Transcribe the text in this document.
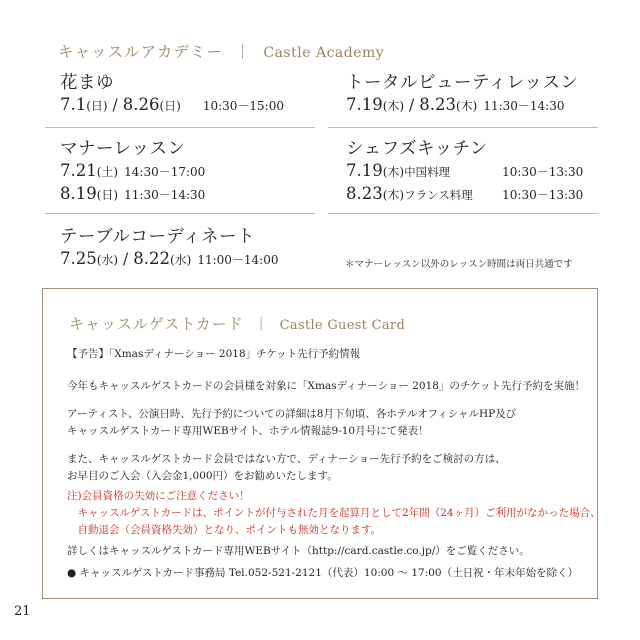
キャッスルアカデミー ｜ Castle Academy
花まゆ
7.1(日) / 8.26(日) 10:30－15:00
トータルビューティレッスン
7.19(木) / 8.23(木) 11:30－14:30
マナーレッスン
7.21(土) 14:30－17:00
8.19(日) 11:30－14:30
シェフズキッチン
7.19(木)中国料理	10:30－13:30
8.23(木)フランス料理 10:30－13:30
テーブルコーディネート
7.25(水) / 8.22(水) 11:00－14:00	＊マナーレッスン以外のレッスン時間は両日共通です
キャッスルゲストカード ｜ Castle Guest Card
【予告】「Xmasディナーショー 2018」チケット先行予約情報
今年もキャッスルゲストカードの会員様を対象に「Xmasディナーショー 2018」のチケット先行予約を実施！
アーティスト、公演日時、先行予約についての詳細は8月下旬頃、各ホテルオフィシャルHP及び
キャッスルゲストカード専用WEBサイト、ホテル情報誌9-10月号にて発表！
また、キャッスルゲストカード会員ではない方で、ディナーショー先行予約をご検討の方は、
お早目のご入会（入会金1,000円）をお勧めいたします。
注)会員資格の失効にご注意ください！
　キャッスルゲストカードは、ポイントが付与された月を起算月として2年間（24ヶ月）ご利用がなかった場合、
　自動退会（会員資格失効）となり、ポイントも無効となります。
詳しくはキャッスルゲストカード専用WEBサイト（http://card.castle.co.jp/）をご覧ください。
● キャッスルゲストカード事務局 Tel.052-521-2121（代表）10:00 ～ 17:00（土日祝・年末年始を除く）
21
